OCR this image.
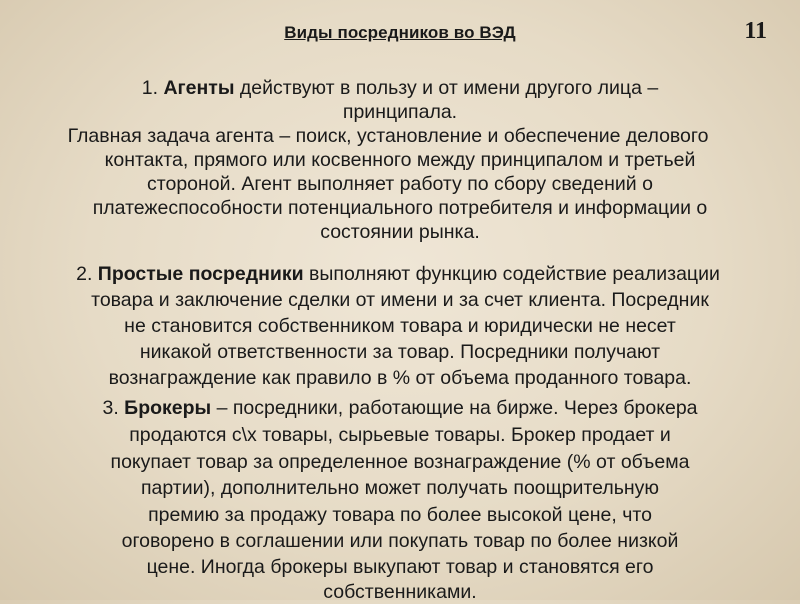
Виды посредников во ВЭД	11
1. Агенты действуют в пользу и от имени другого лица –
принципала.
Главная задача агента – поиск, установление и обеспечение делового
контакта, прямого или косвенного между принципалом и третьей
стороной. Агент выполняет работу по сбору сведений о
платежеспособности потенциального потребителя и информации о
состоянии рынка.
2. Простые посредники выполняют функцию содействие реализации
товара и заключение сделки от имени и за счет клиента. Посредник
не становится собственником товара и юридически не несет
никакой ответственности за товар. Посредники получают
вознаграждение как правило в % от объема проданного товара.
3. Брокеры – посредники, работающие на бирже. Через брокера
продаются с\х товары, сырьевые товары. Брокер продает и
покупает товар за определенное вознаграждение (% от объема
партии), дополнительно может получать поощрительную
премию за продажу товара по более высокой цене, что
оговорено в соглашении или покупать товар по более низкой
цене. Иногда брокеры выкупают товар и становятся его
собственниками.
